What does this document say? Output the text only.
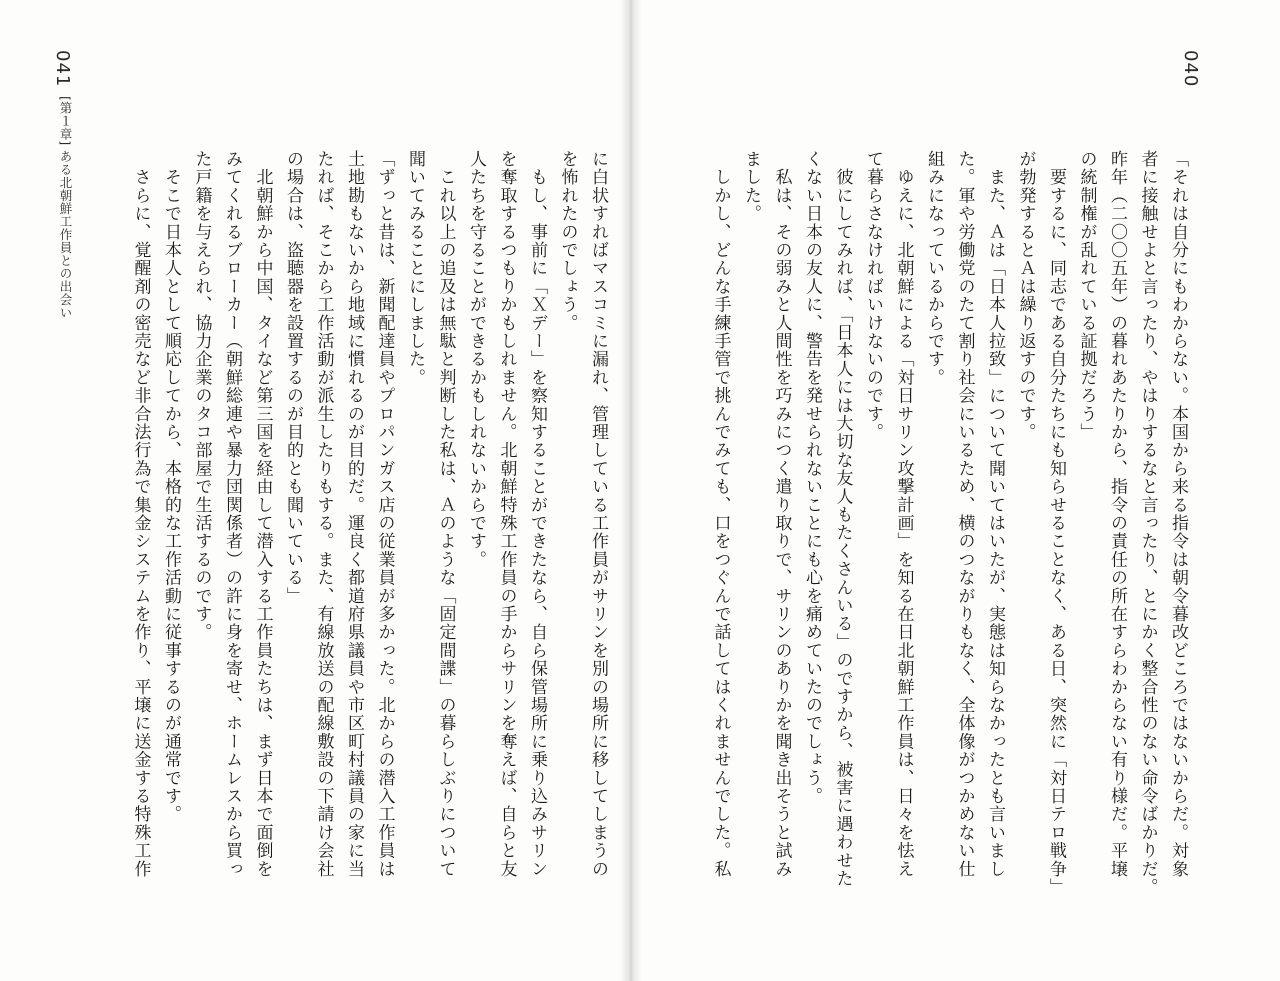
041
[第１章] ある北朝鮮工作員との出会い	に白状すればマスコミに漏れ、管理している工作員がサリンを別の場所に移してしまうの
を怖れたのでしょう。
　もし、事前に「Ｘデー」を察知することができたなら、自ら保管場所に乗り込みサリン
を奪取するつもりかもしれません。北朝鮮特殊工作員の手からサリンを奪えば、自らと友
人たちを守ることができるかもしれないからです。
　これ以上の追及は無駄と判断した私は、Ａのような「固定間諜」の暮らしぶりについて
聞いてみることにしました。
「ずっと昔は、新聞配達員やプロパンガス店の従業員が多かった。北からの潜入工作員は
土地勘もないから地域に慣れるのが目的だ。運良く都道府県議員や市区町村議員の家に当
たれば、そこから工作活動が派生したりもする。また、有線放送の配線敷設の下請け会社
の場合は、盗聴器を設置するのが目的とも聞いている」
　北朝鮮から中国、タイなど第三国を経由して潜入する工作員たちは、まず日本で面倒を
みてくれるブローカー（朝鮮総連や暴力団関係者）の許に身を寄せ、ホームレスから買っ
た戸籍を与えられ、協力企業のタコ部屋で生活するのです。
　そこで日本人として順応してから、本格的な工作活動に従事するのが通常です。
　さらに、覚醒剤の密売など非合法行為で集金システムを作り、平壌に送金する特殊工作	「それは自分にもわからない。本国から来る指令は朝令暮改どころではないからだ。対象
者に接触せよと言ったり、やはりするなと言ったり、とにかく整合性のない命令ばかりだ。
昨年（二〇〇五年）の暮れあたりから、指令の責任の所在すらわからない有り様だ。平壌
の統制権が乱れている証拠だろう」
　要するに、同志である自分たちにも知らせることなく、ある日、突然に「対日テロ戦争」
が勃発するとＡは繰り返すのです。
　また、Ａは「日本人拉致」について聞いてはいたが、実態は知らなかったとも言いまし
た。軍や労働党のたて割り社会にいるため、横のつながりもなく、全体像がつかめない仕
組みになっているからです。
　ゆえに、北朝鮮による「対日サリン攻撃計画」を知る在日北朝鮮工作員は、日々を怯え
て暮らさなければいけないのです。
　彼にしてみれば、「日本人には大切な友人もたくさんいる」のですから、被害に遇わせた
くない日本の友人に、警告を発せられないことにも心を痛めていたのでしょう。
　私は、その弱みと人間性を巧みにつく遣り取りで、サリンのありかを聞き出そうと試み
ました。
　しかし、どんな手練手管で挑んでみても、口をつぐんで話してはくれませんでした。私
040
